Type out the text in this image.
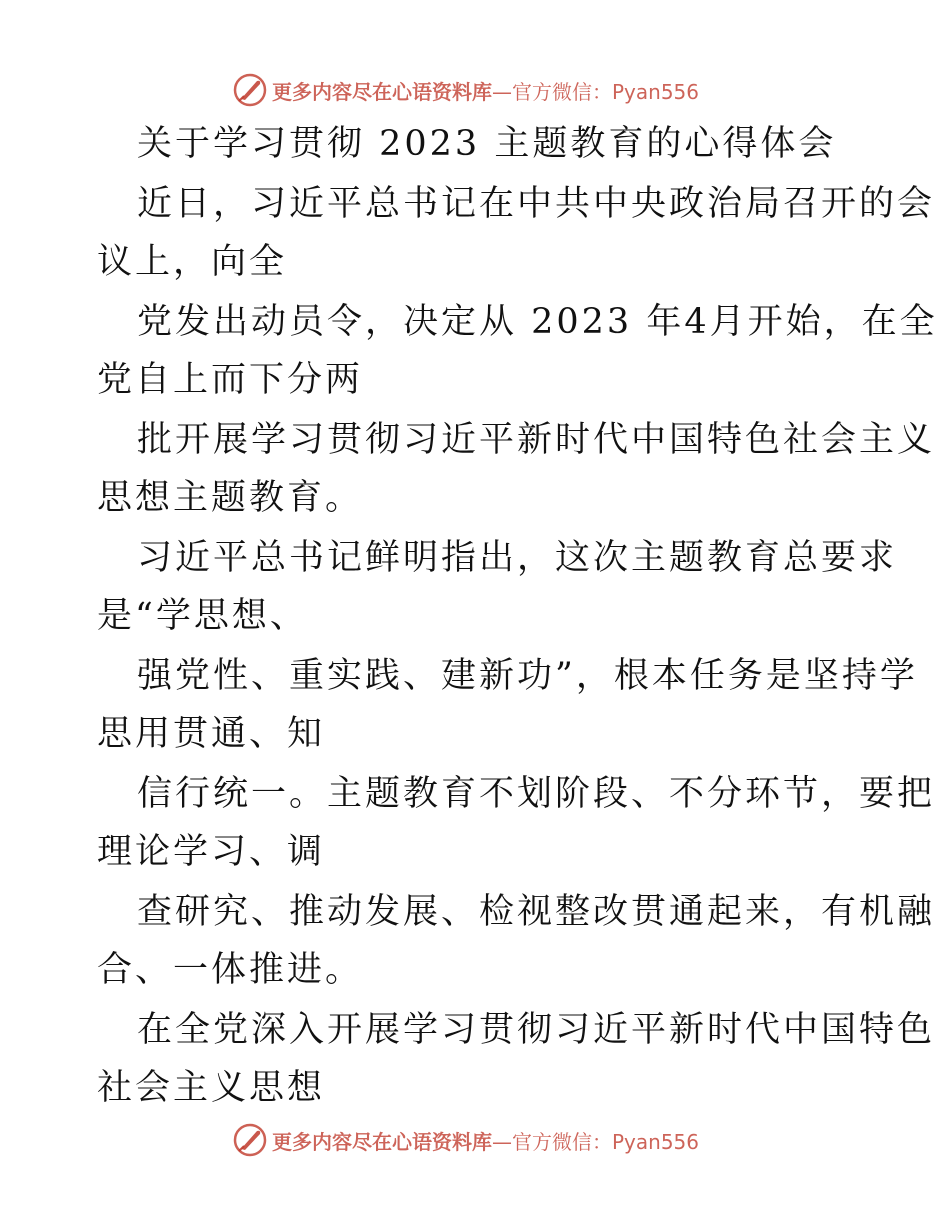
更多内容尽在心语资料库—官方微信：Pyan556
关于学习贯彻 2023 主题教育的心得体会
近日，习近平总书记在中共中央政治局召开的会
议上，向全
党发出动员令，决定从 2023 年4月开始，在全
党自上而下分两
批开展学习贯彻习近平新时代中国特色社会主义
思想主题教育。
习近平总书记鲜明指出，这次主题教育总要求
是“学思想、
强党性、重实践、建新功”，根本任务是坚持学
思用贯通、知
信行统一。主题教育不划阶段、不分环节，要把
理论学习、调
查研究、推动发展、检视整改贯通起来，有机融
合、一体推进。
在全党深入开展学习贯彻习近平新时代中国特色
社会主义思想
更多内容尽在心语资料库—官方微信：Pyan556
